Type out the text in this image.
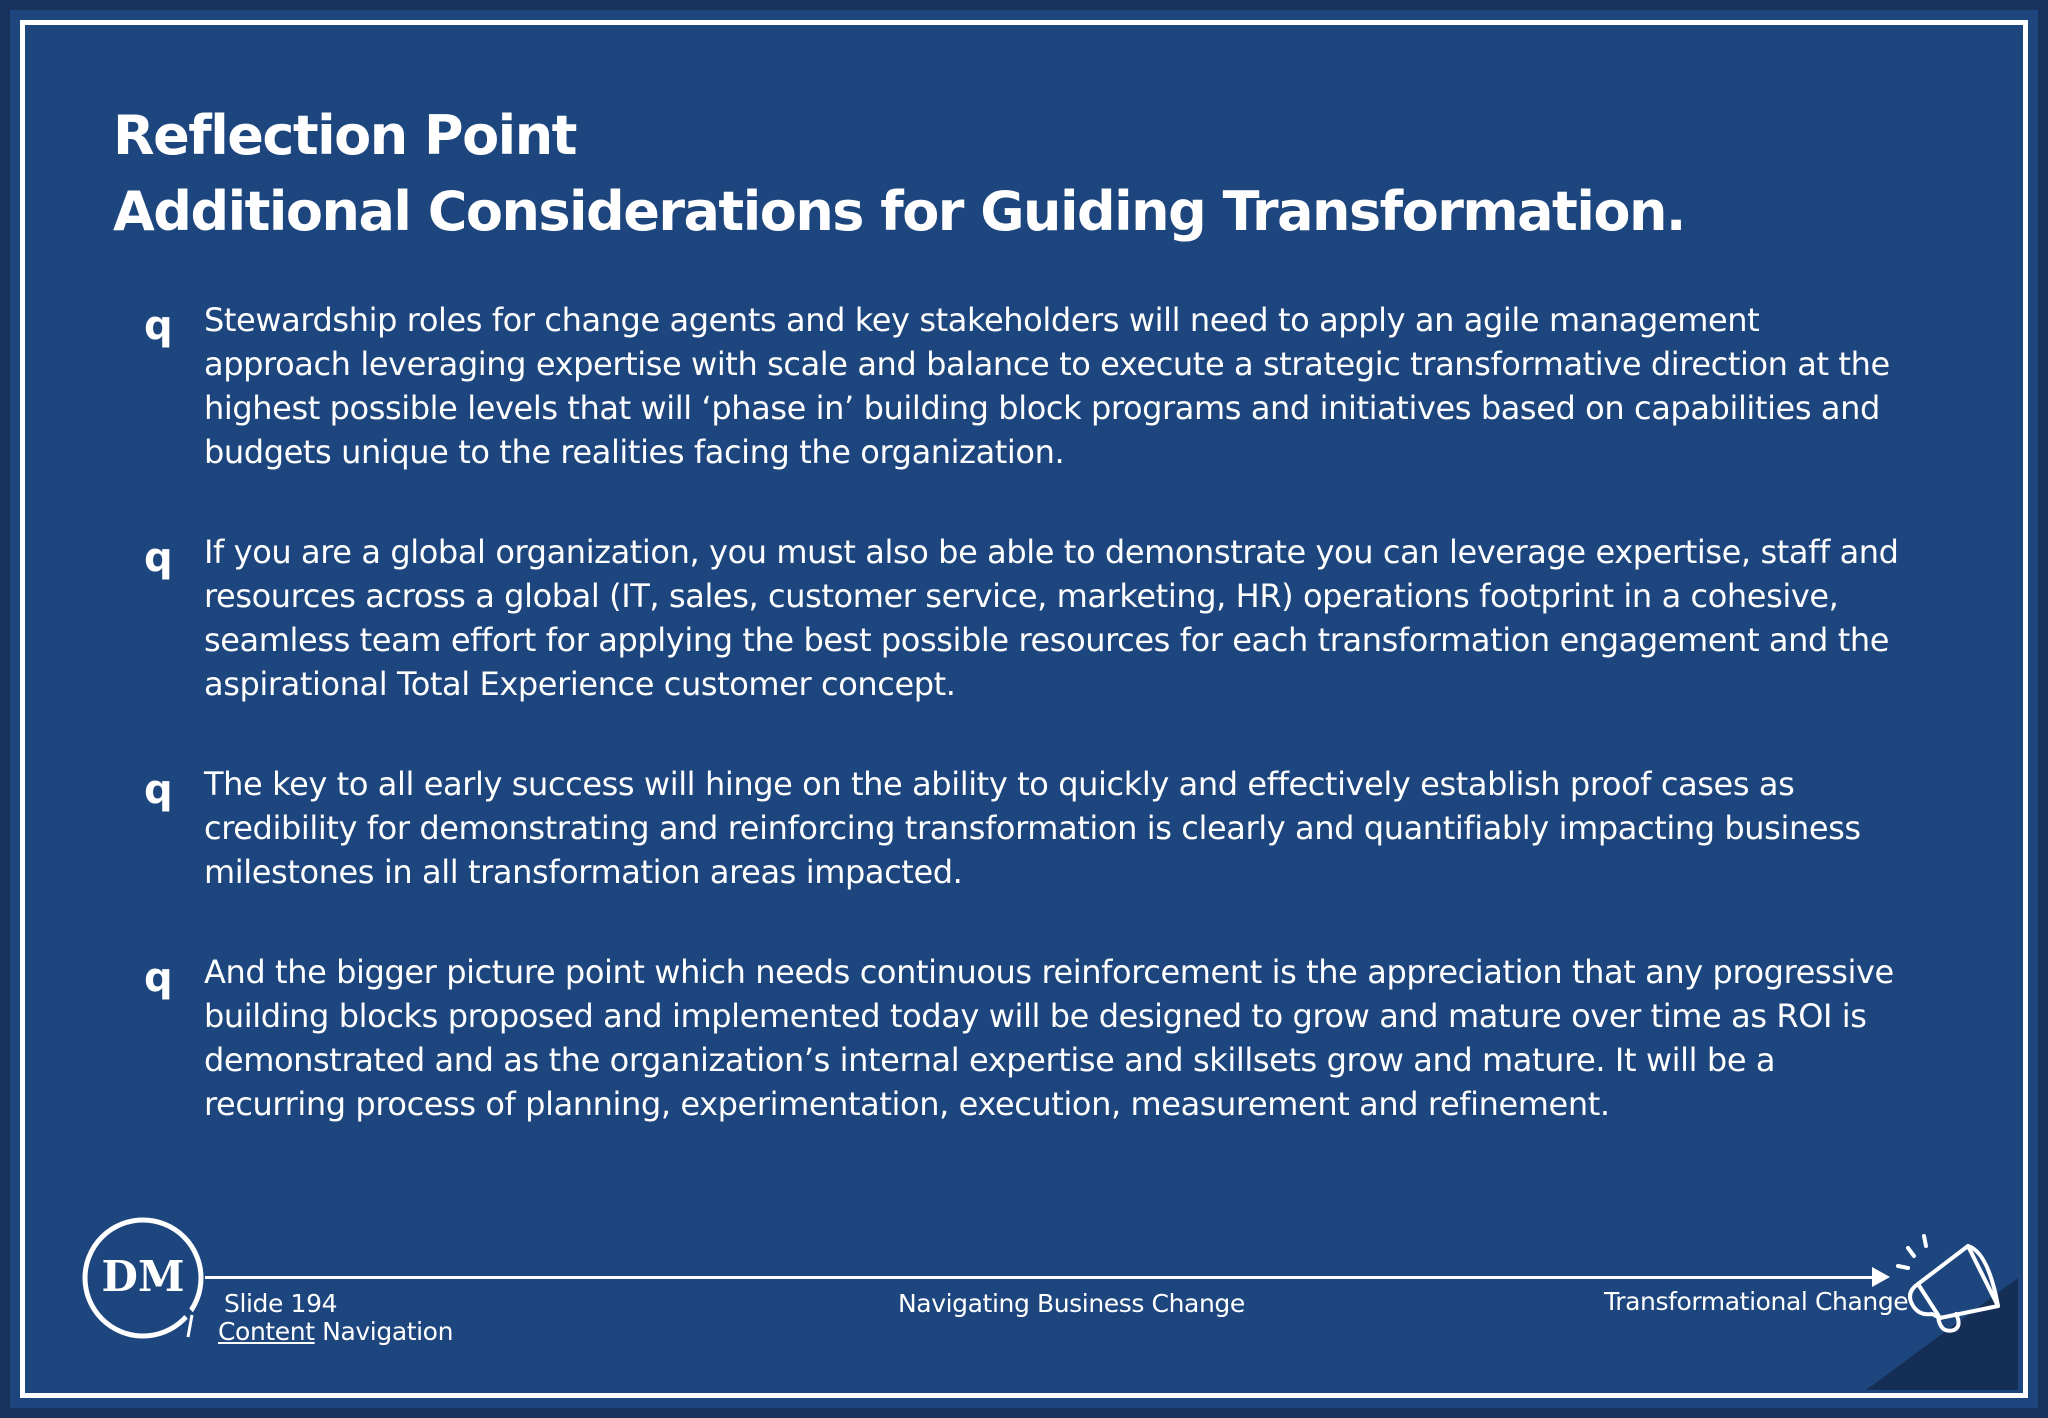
Reflection Point
Additional Considerations for Guiding Transformation.
q Stewardship roles for change agents and key stakeholders will need to apply an agile management approach leveraging expertise with scale and balance to execute a strategic transformative direction at the highest possible levels that will ‘phase in’ building block programs and initiatives based on capabilities and budgets unique to the realities facing the organization.
q If you are a global organization, you must also be able to demonstrate you can leverage expertise, staff and resources across a global (IT, sales, customer service, marketing, HR) operations footprint in a cohesive, seamless team effort for applying the best possible resources for each transformation engagement and the aspirational Total Experience customer concept.
q The key to all early success will hinge on the ability to quickly and effectively establish proof cases as credibility for demonstrating and reinforcing transformation is clearly and quantifiably impacting business milestones in all transformation areas impacted.
q And the bigger picture point which needs continuous reinforcement is the appreciation that any progressive building blocks proposed and implemented today will be designed to grow and mature over time as ROI is demonstrated and as the organization’s internal expertise and skillsets grow and mature. It will be a recurring process of planning, experimentation, execution, measurement and refinement.
DM
Slide 194
Content Navigation
Navigating Business Change	Transformational Change
